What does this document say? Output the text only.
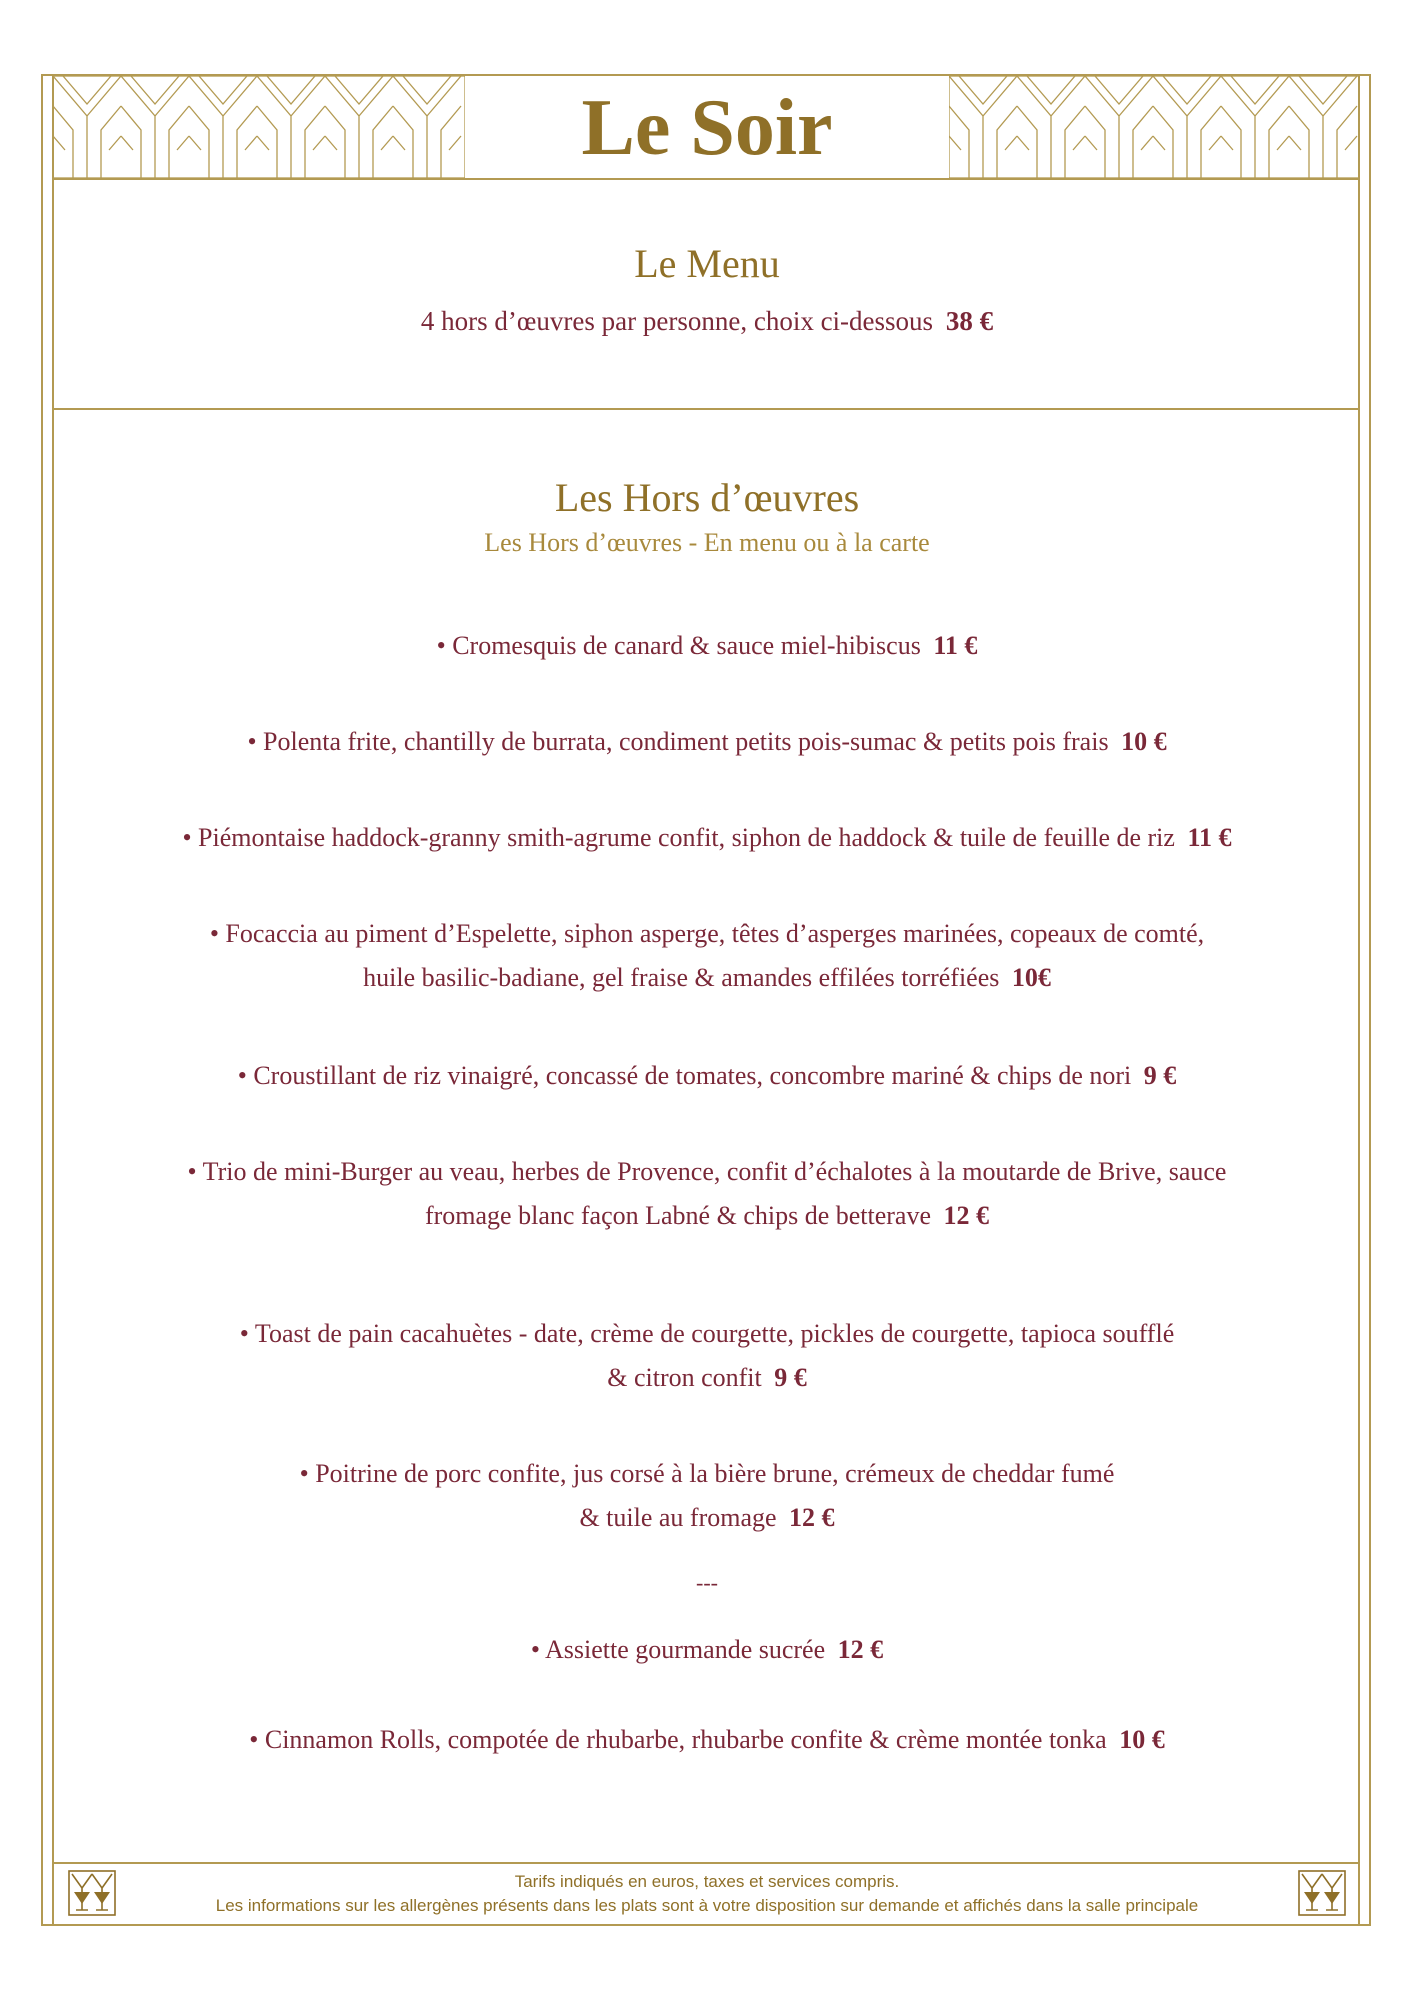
Le Soir
Le Menu
4 hors d’œuvres par personne, choix ci-dessous 38 €
Les Hors d’œuvres
Les Hors d’œuvres - En menu ou à la carte
• Cromesquis de canard & sauce miel-hibiscus 11 €
• Polenta frite, chantilly de burrata, condiment petits pois-sumac & petits pois frais 10 €
• Piémontaise haddock-granny smith-agrume confit, siphon de haddock & tuile de feuille de riz 11 €
• Focaccia au piment d’Espelette, siphon asperge, têtes d’asperges marinées, copeaux de comté,
huile basilic-badiane, gel fraise & amandes effilées torréfiées 10€
• Croustillant de riz vinaigré, concassé de tomates, concombre mariné & chips de nori 9 €
• Trio de mini-Burger au veau, herbes de Provence, confit d’échalotes à la moutarde de Brive, sauce
fromage blanc façon Labné & chips de betterave 12 €
• Toast de pain cacahuètes - date, crème de courgette, pickles de courgette, tapioca soufflé
& citron confit 9 €
• Poitrine de porc confite, jus corsé à la bière brune, crémeux de cheddar fumé
& tuile au fromage 12 €
---
• Assiette gourmande sucrée 12 €
• Cinnamon Rolls, compotée de rhubarbe, rhubarbe confite & crème montée tonka 10 €
Tarifs indiqués en euros, taxes et services compris.
Les informations sur les allergènes présents dans les plats sont à votre disposition sur demande et affichés dans la salle principale
